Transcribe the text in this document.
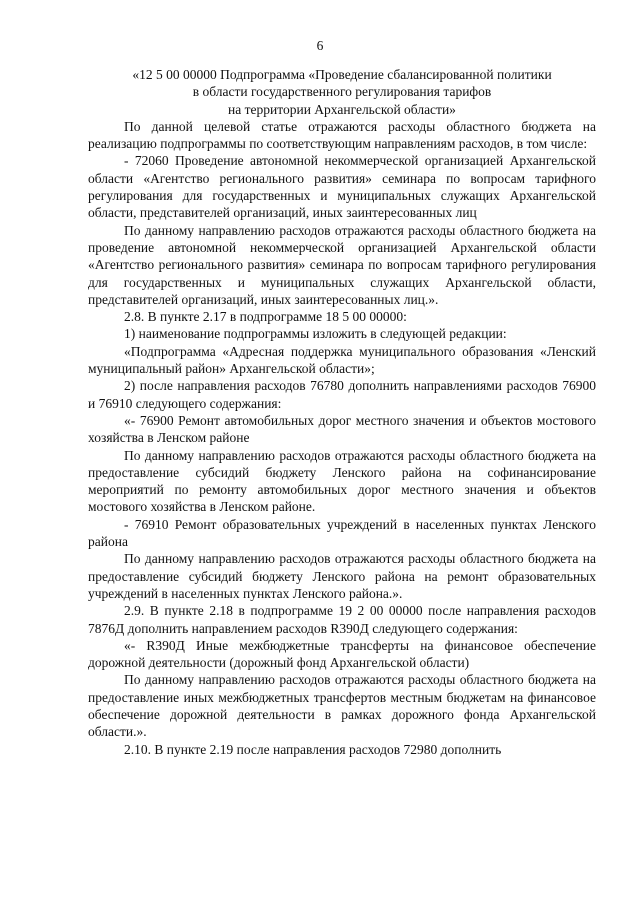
6
«12 5 00 00000 Подпрограмма «Проведение сбалансированной политики
в области государственного регулирования тарифов
на территории Архангельской области»

По данной целевой статье отражаются расходы областного бюджета на реализацию подпрограммы по соответствующим направлениям расходов, в том числе:

- 72060 Проведение автономной некоммерческой организацией Архангельской области «Агентство регионального развития» семинара по вопросам тарифного регулирования для государственных и муниципальных служащих Архангельской области, представителей организаций, иных заинтересованных лиц

По данному направлению расходов отражаются расходы областного бюджета на проведение автономной некоммерческой организацией Архангельской области «Агентство регионального развития» семинара по вопросам тарифного регулирования для государственных и муниципальных служащих Архангельской области, представителей организаций, иных заинтересованных лиц.».

2.8. В пункте 2.17 в подпрограмме 18 5 00 00000:

1) наименование подпрограммы изложить в следующей редакции:

«Подпрограмма «Адресная поддержка муниципального образования «Ленский муниципальный район» Архангельской области»;

2) после направления расходов 76780 дополнить направлениями расходов 76900 и 76910 следующего содержания:

«- 76900 Ремонт автомобильных дорог местного значения и объектов мостового хозяйства в Ленском районе

По данному направлению расходов отражаются расходы областного бюджета на предоставление субсидий бюджету Ленского района на софинансирование мероприятий по ремонту автомобильных дорог местного значения и объектов мостового хозяйства в Ленском районе.

- 76910 Ремонт образовательных учреждений в населенных пунктах Ленского района

По данному направлению расходов отражаются расходы областного бюджета на предоставление субсидий бюджету Ленского района на ремонт образовательных учреждений в населенных пунктах Ленского района.».

2.9. В пункте 2.18 в подпрограмме 19 2 00 00000 после направления расходов 7876Д дополнить направлением расходов R390Д следующего содержания:

«- R390Д Иные межбюджетные трансферты на финансовое обеспечение дорожной деятельности (дорожный фонд Архангельской области)

По данному направлению расходов отражаются расходы областного бюджета на предоставление иных межбюджетных трансфертов местным бюджетам на финансовое обеспечение дорожной деятельности в рамках дорожного фонда Архангельской области.».

2.10. В пункте 2.19 после направления расходов 72980 дополнить
